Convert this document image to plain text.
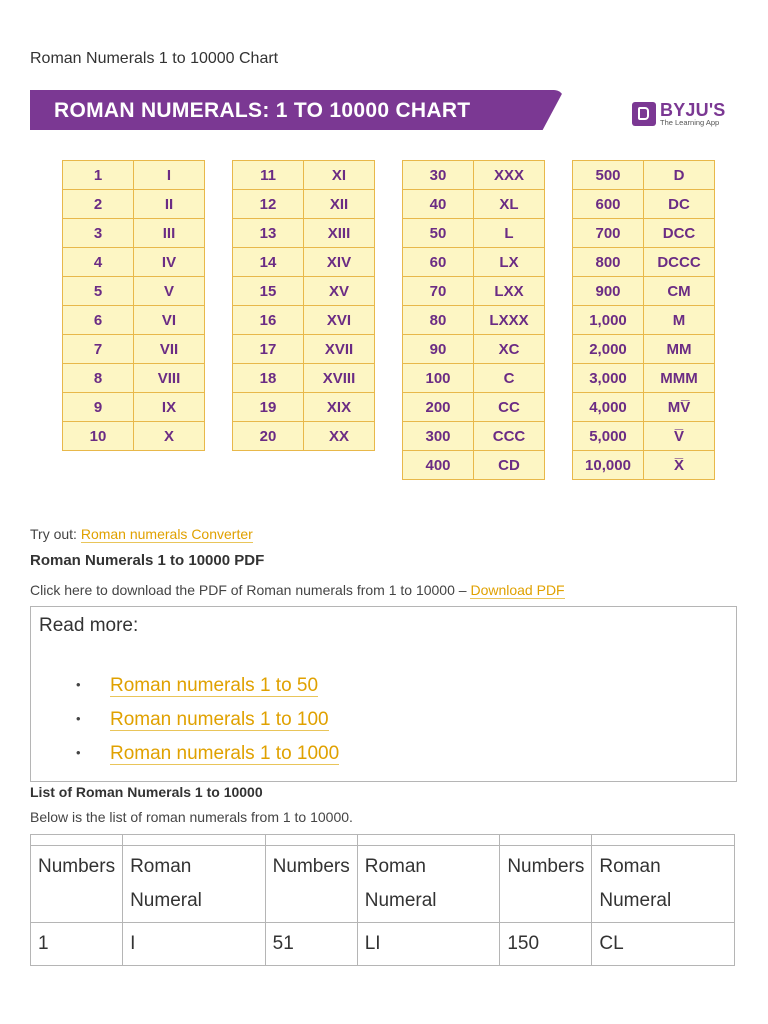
Roman Numerals 1 to 10000 Chart
ROMAN NUMERALS: 1 TO 10000 CHART	BYJU'S
The Learning App
1	I
2	II
3	III
4	IV
5	V
6	VI
7	VII
8	VIII
9	IX
10	X
11	XI
12	XII
13	XIII
14	XIV
15	XV
16	XVI
17	XVII
18	XVIII
19	XIX
20	XX
30	XXX
40	XL
50	L
60	LX
70	LXX
80	LXXX
90	XC
100	C
200	CC
300	CCC
400	CD
500	D
600	DC
700	DCC
800	DCCC
900	CM
1,000	M
2,000	MM
3,000	MMM
4,000	MV̅
5,000	V̅
10,000	X̅
Try out: Roman numerals Converter
Roman Numerals 1 to 10000 PDF
Click here to download the PDF of Roman numerals from 1 to 10000 – Download PDF
Read more:
• Roman numerals 1 to 50
• Roman numerals 1 to 100
• Roman numerals 1 to 1000
List of Roman Numerals 1 to 10000
Below is the list of roman numerals from 1 to 10000.

Numbers	Roman Numeral	Numbers	Roman Numeral	Numbers	Roman Numeral
1	I	51	LI	150	CL
